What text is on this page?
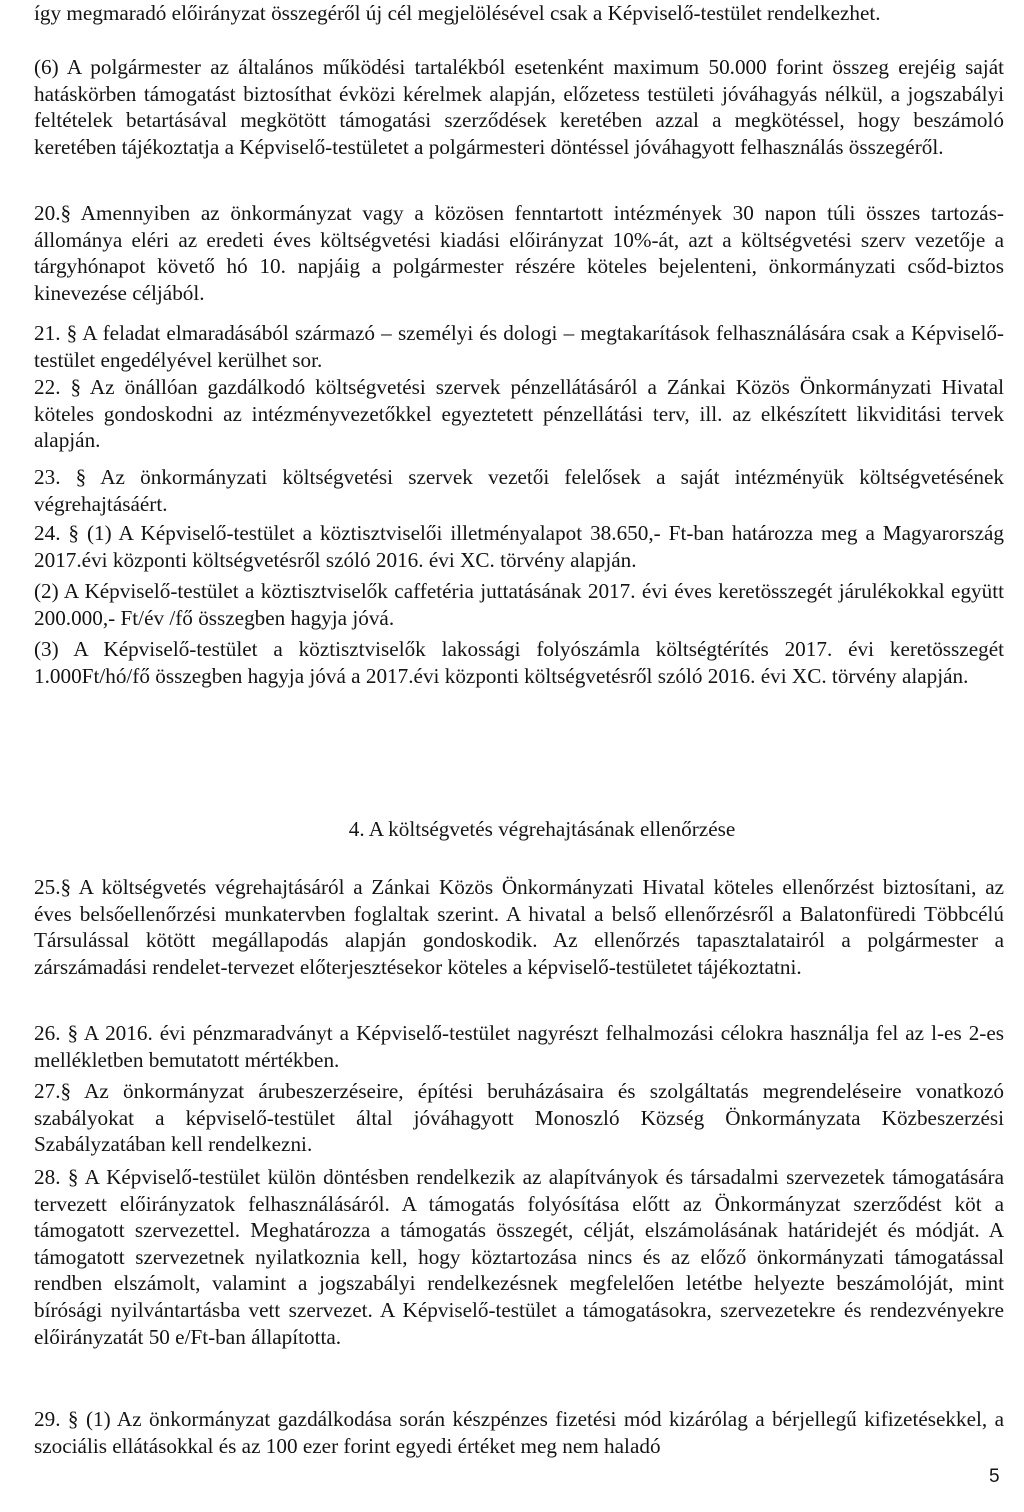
így megmaradó előirányzat összegéről új cél megjelölésével csak a Képviselő-testület rendelkezhet.

(6) A polgármester az általános működési tartalékból esetenként maximum 50.000 forint összeg erejéig saját hatáskörben támogatást biztosíthat évközi kérelmek alapján, előzetess testületi jóváhagyás nélkül, a jogszabályi feltételek betartásával megkötött támogatási szerződések keretében azzal a megkötéssel, hogy beszámoló keretében tájékoztatja a Képviselő-testületet a polgármesteri döntéssel jóváhagyott felhasználás összegéről.

20.§ Amennyiben az önkormányzat vagy a közösen fenntartott intézmények 30 napon túli összes tartozás-állománya eléri az eredeti éves költségvetési kiadási előirányzat 10%-át, azt a költségvetési szerv vezetője a tárgyhónapot követő hó 10. napjáig a polgármester részére köteles bejelenteni, önkormányzati csőd-biztos kinevezése céljából.

21. § A feladat elmaradásából származó – személyi és dologi – megtakarítások felhasználására csak a Képviselő-testület engedélyével kerülhet sor.

22. § Az önállóan gazdálkodó költségvetési szervek pénzellátásáról a Zánkai Közös Önkormányzati Hivatal köteles gondoskodni az intézményvezetőkkel egyeztetett pénzellátási terv, ill. az elkészített likviditási tervek alapján.

23. § Az önkormányzati költségvetési szervek vezetői felelősek a saját intézményük költségvetésének végrehajtásáért.

24. § (1) A Képviselő-testület a köztisztviselői illetményalapot 38.650,- Ft-ban határozza meg a Magyarország 2017.évi központi költségvetésről szóló 2016. évi XC. törvény alapján.

(2) A Képviselő-testület a köztisztviselők caffetéria juttatásának 2017. évi éves keretösszegét járulékokkal együtt 200.000,- Ft/év /fő összegben hagyja jóvá.

(3) A Képviselő-testület a köztisztviselők lakossági folyószámla költségtérítés 2017. évi keretösszegét 1.000Ft/hó/fő összegben hagyja jóvá a 2017.évi központi költségvetésről szóló 2016. évi XC. törvény alapján.

4. A költségvetés végrehajtásának ellenőrzése

25.§ A költségvetés végrehajtásáról a Zánkai Közös Önkormányzati Hivatal köteles ellenőrzést biztosítani, az éves belsőellenőrzési munkatervben foglaltak szerint. A hivatal a belső ellenőrzésről a Balatonfüredi Többcélú Társulással kötött megállapodás alapján gondoskodik. Az ellenőrzés tapasztalatairól a polgármester a zárszámadási rendelet-tervezet előterjesztésekor köteles a képviselő-testületet tájékoztatni.

26. § A 2016. évi pénzmaradványt a Képviselő-testület nagyrészt felhalmozási célokra használja fel az l-es 2-es mellékletben bemutatott mértékben.

27.§ Az önkormányzat árubeszerzéseire, építési beruházásaira és szolgáltatás megrendeléseire vonatkozó szabályokat a képviselő-testület által jóváhagyott Monoszló Község Önkormányzata Közbeszerzési Szabályzatában kell rendelkezni.

28. § A Képviselő-testület külön döntésben rendelkezik az alapítványok és társadalmi szervezetek támogatására tervezett előirányzatok felhasználásáról. A támogatás folyósítása előtt az Önkormányzat szerződést köt a támogatott szervezettel. Meghatározza a támogatás összegét, célját, elszámolásának határidejét és módját. A támogatott szervezetnek nyilatkoznia kell, hogy köztartozása nincs és az előző önkormányzati támogatással rendben elszámolt, valamint a jogszabályi rendelkezésnek megfelelően letétbe helyezte beszámolóját, mint bírósági nyilvántartásba vett szervezet. A Képviselő-testület a támogatásokra, szervezetekre és rendezvényekre előirányzatát 50 e/Ft-ban állapította.

29. § (1) Az önkormányzat gazdálkodása során készpénzes fizetési mód kizárólag a bérjellegű kifizetésekkel, a szociális ellátásokkal és az 100 ezer forint egyedi értéket meg nem haladó

5
